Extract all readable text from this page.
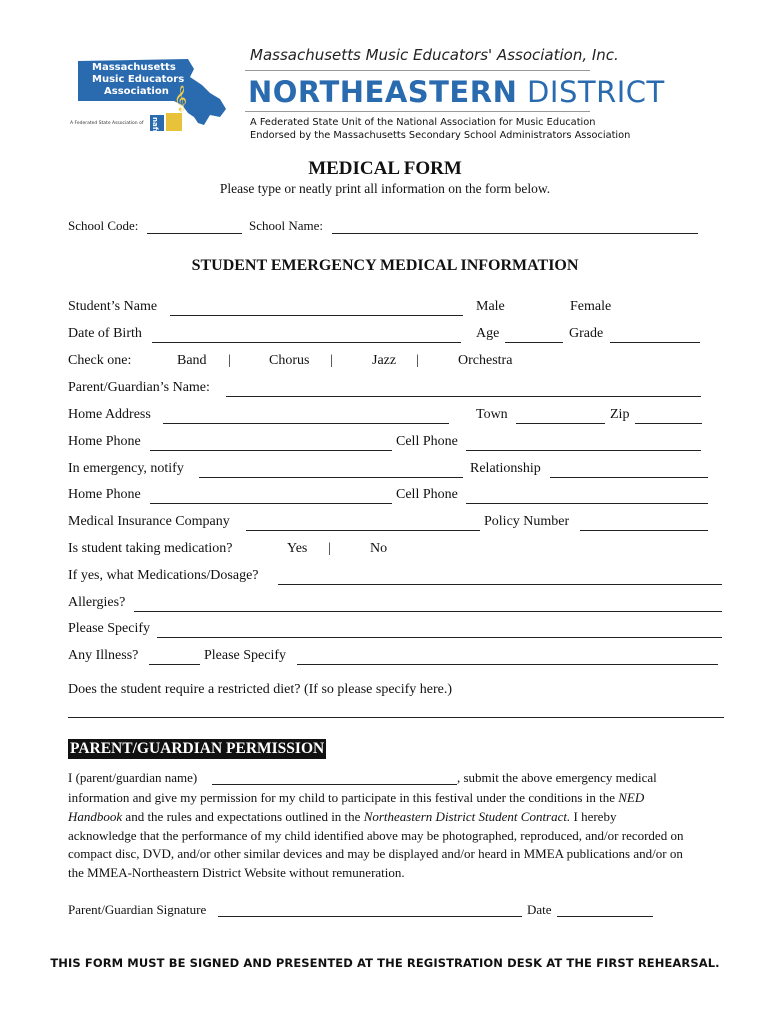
𝄞
Massachusetts
Music Educators
Association
A Federated State Association of nafme
Massachusetts Music Educators' Association, Inc.
NORTHEASTERN DISTRICT
A Federated State Unit of the National Association for Music Education
Endorsed by the Massachusetts Secondary School Administrators Association
MEDICAL FORM
Please type or neatly print all information on the form below.
School Code:	School Name:
STUDENT EMERGENCY MEDICAL INFORMATION
Student’s Name	Male	Female
Date of Birth	Age	Grade
Check one:	Band |	Chorus |	Jazz |	Orchestra
Parent/Guardian’s Name:
Home Address	Town	Zip
Home Phone	Cell Phone
In emergency, notify	Relationship
Home Phone	Cell Phone
Medical Insurance Company	Policy Number
Is student taking medication?	Yes |	No
If yes, what Medications/Dosage?
Allergies?
Please Specify
Any Illness?	Please Specify
Does the student require a restricted diet? (If so please specify here.)
PARENT/GUARDIAN PERMISSION
I (parent/guardian name)	, submit the above emergency medical
information and give my permission for my child to participate in this festival under the conditions in the NED
Handbook and the rules and expectations outlined in the Northeastern District Student Contract. I hereby
acknowledge that the performance of my child identified above may be photographed, reproduced, and/or recorded on
compact disc, DVD, and/or other similar devices and may be displayed and/or heard in MMEA publications and/or on
the MMEA-Northeastern District Website without remuneration.
Parent/Guardian Signature	Date
THIS FORM MUST BE SIGNED AND PRESENTED AT THE REGISTRATION DESK AT THE FIRST REHEARSAL.
